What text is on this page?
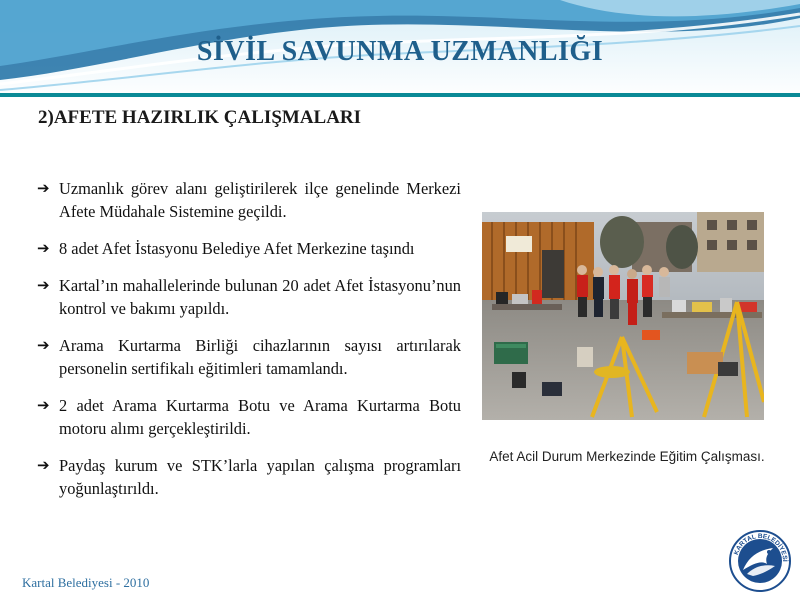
SİVİL SAVUNMA UZMANLIĞI
2)AFETE HAZIRLIK ÇALIŞMALARI
➔ Uzmanlık görev alanı geliştirilerek ilçe genelinde Merkezi Afete Müdahale Sistemine geçildi.
➔ 8 adet Afet İstasyonu Belediye Afet Merkezine taşındı
➔ Kartal’ın mahallelerinde bulunan 20 adet Afet İstasyonu’nun kontrol ve bakımı yapıldı.
➔ Arama Kurtarma Birliği cihazlarının sayısı artırılarak personelin sertifikalı eğitimleri tamamlandı.
➔ 2 adet Arama Kurtarma Botu ve Arama Kurtarma Botu motoru alımı gerçekleştirildi.
➔ Paydaş kurum ve STK’larla yapılan çalışma programları yoğunlaştırıldı.
Afet Acil Durum Merkezinde Eğitim Çalışması.
Kartal Belediyesi - 2010
KARTAL BELEDİYESİ
